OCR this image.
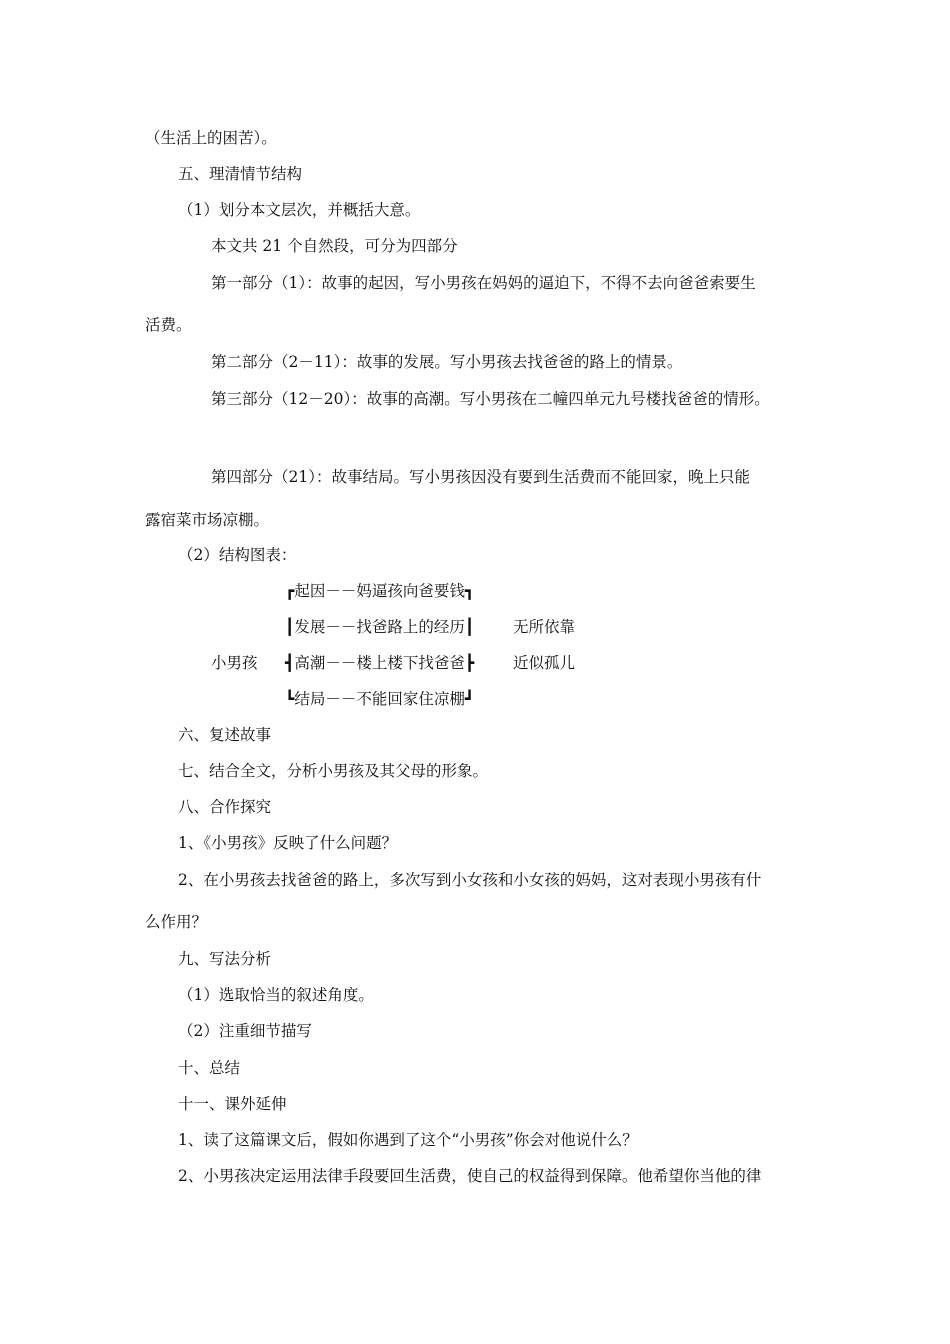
（生活上的困苦）。
五、理清情节结构
（1）划分本文层次，并概括大意。
本文共 21 个自然段，可分为四部分
第一部分（1）：故事的起因，写小男孩在妈妈的逼迫下，不得不去向爸爸索要生
活费。
第二部分（2－11）：故事的发展。写小男孩去找爸爸的路上的情景。
第三部分（12－20）：故事的高潮。写小男孩在二幢四单元九号楼找爸爸的情形。
第四部分（21）：故事结局。写小男孩因没有要到生活费而不能回家，晚上只能
露宿菜市场凉棚。
（2）结构图表：
┏起因－－妈逼孩向爸要钱┓
┃发展－－找爸路上的经历┃
小男孩 ┫高潮－－楼上楼下找爸爸┣
┗结局－－不能回家住凉棚┛
无所依靠
近似孤儿
六、复述故事
七、结合全文，分析小男孩及其父母的形象。
八、合作探究
1、《小男孩》反映了什么问题？
2、在小男孩去找爸爸的路上，多次写到小女孩和小女孩的妈妈，这对表现小男孩有什
么作用？
九、写法分析
（1）选取恰当的叙述角度。
（2）注重细节描写
十、总结
十一、课外延伸
1、读了这篇课文后，假如你遇到了这个“小男孩”你会对他说什么？
2、小男孩决定运用法律手段要回生活费，使自己的权益得到保障。他希望你当他的律
